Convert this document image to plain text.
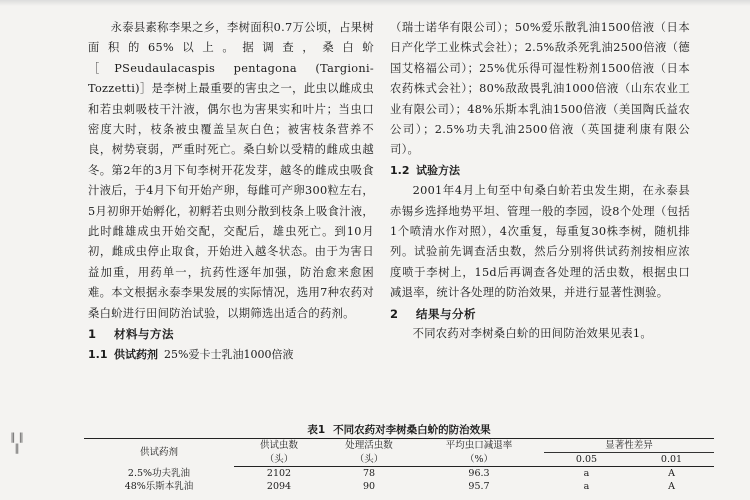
永泰县素称李果之乡，李树面积0.7万公顷，占果树面积的65%以上。据调查，桑白蚧［PSeudaulacaspis pentagona (Targioni-Tozzetti)］是李树上最重要的害虫之一，此虫以雌成虫和若虫刺吸枝干汁液，偶尔也为害果实和叶片；当虫口密度大时，枝条被虫覆盖呈灰白色；被害枝条营养不良，树势衰弱，严重时死亡。桑白蚧以受精的雌成虫越冬。第2年的3月下旬李树开花发芽，越冬的雌成虫吸食汁液后，于4月下旬开始产卵，每雌可产卵300粒左右，5月初卵开始孵化，初孵若虫则分散到枝条上吸食汁液，此时雌雄成虫开始交配，交配后，雄虫死亡。到10月初，雌成虫停止取食，开始进入越冬状态。由于为害日益加重，用药单一，抗药性逐年加强，防治愈来愈困难。本文根据永泰李果发展的实际情况，选用7种农药对桑白蚧进行田间防治试验，以期筛选出适合的药剂。

1 材料与方法

1.1 供试药剂 25%爱卡士乳油1000倍液

（瑞士诺华有限公司）；50%爱乐散乳油1500倍液（日本日产化学工业株式会社）；2.5%敌杀死乳油2500倍液（德国艾格福公司）；25%优乐得可湿性粉剂1500倍液（日本农药株式会社）；80%敌敌畏乳油1000倍液（山东农业工业有限公司）；48%乐斯本乳油1500倍液（美国陶氏益农公司）；2.5%功夫乳油2500倍液（英国捷利康有限公司）。

1.2 试验方法

2001年4月上旬至中旬桑白蚧若虫发生期，在永泰县赤锡乡选择地势平坦、管理一般的李园，设8个处理（包括1个喷清水作对照），4次重复，每重复30株李树，随机排列。试验前先调查活虫数，然后分别将供试药剂按相应浓度喷于李树上，15d后再调查各处理的活虫数，根据虫口减退率，统计各处理的防治效果，并进行显著性测验。

2 结果与分析

不同农药对李树桑白蚧的田间防治效果见表1。

表1 不同农药对李树桑白蚧的防治效果
供试药剂	供试虫数	处理活虫数	平均虫口减退率	显著性差异	
	（头）	（头）	（%）	0.05	0.01
2.5%功夫乳油	2102	78	96.3	a	A
48%乐斯本乳油	2094	90	95.7	a	A
‖ ‖ ‖
